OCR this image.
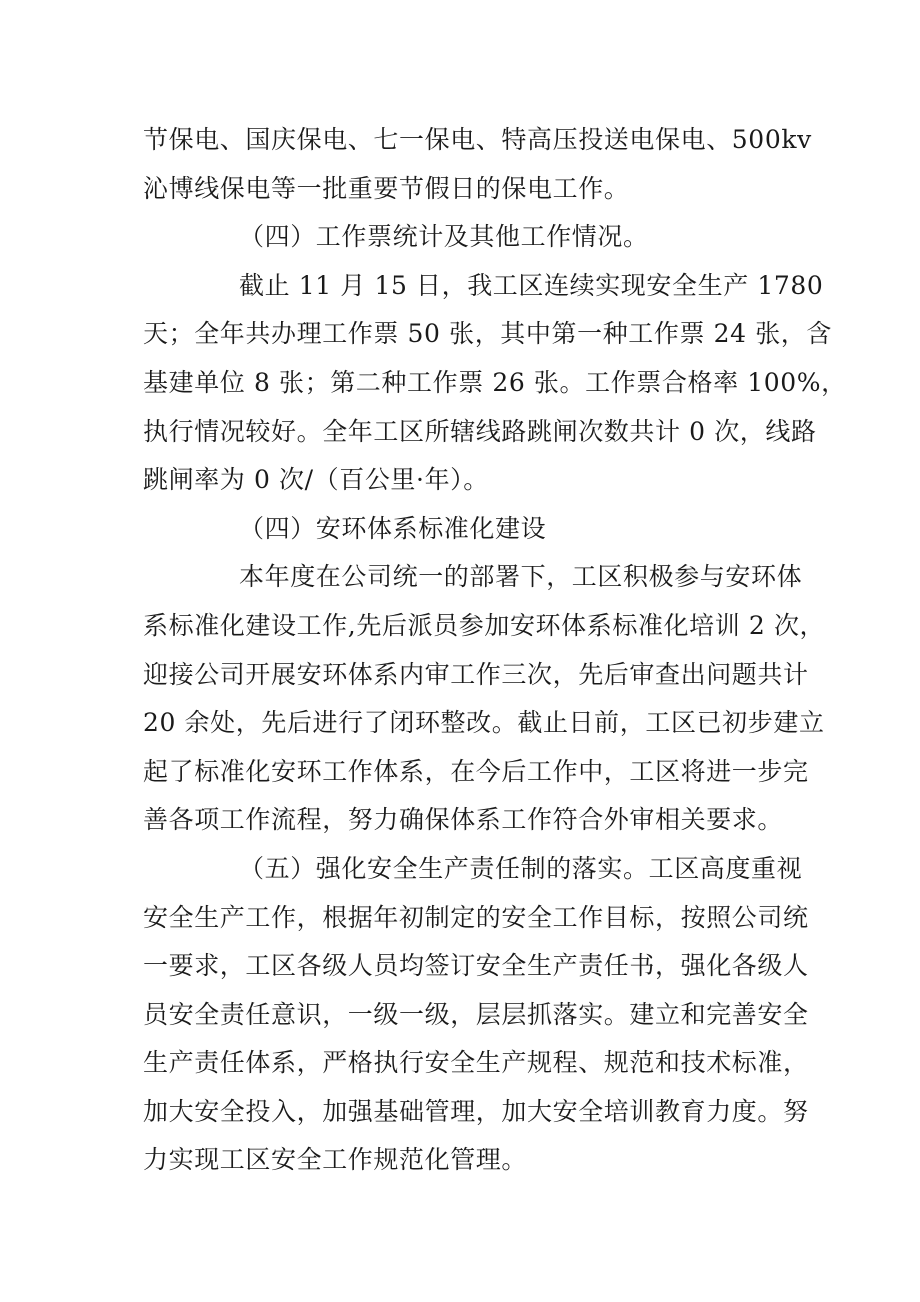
节保电、国庆保电、七一保电、特高压投送电保电、500kv
沁博线保电等一批重要节假日的保电工作。
（四）工作票统计及其他工作情况。
截止 11 月 15 日，我工区连续实现安全生产 1780
天；全年共办理工作票 50 张，其中第一种工作票 24 张，含
基建单位 8 张；第二种工作票 26 张。工作票合格率 100%，
执行情况较好。全年工区所辖线路跳闸次数共计 0 次，线路
跳闸率为 0 次/（百公里·年）。
（四）安环体系标准化建设
本年度在公司统一的部署下，工区积极参与安环体
系标准化建设工作,先后派员参加安环体系标准化培训 2 次，
迎接公司开展安环体系内审工作三次，先后审查出问题共计
20 余处，先后进行了闭环整改。截止日前，工区已初步建立
起了标准化安环工作体系，在今后工作中，工区将进一步完
善各项工作流程，努力确保体系工作符合外审相关要求。
（五）强化安全生产责任制的落实。工区高度重视
安全生产工作，根据年初制定的安全工作目标，按照公司统
一要求，工区各级人员均签订安全生产责任书，强化各级人
员安全责任意识，一级一级，层层抓落实。建立和完善安全
生产责任体系，严格执行安全生产规程、规范和技术标准，
加大安全投入，加强基础管理，加大安全培训教育力度。努
力实现工区安全工作规范化管理。
